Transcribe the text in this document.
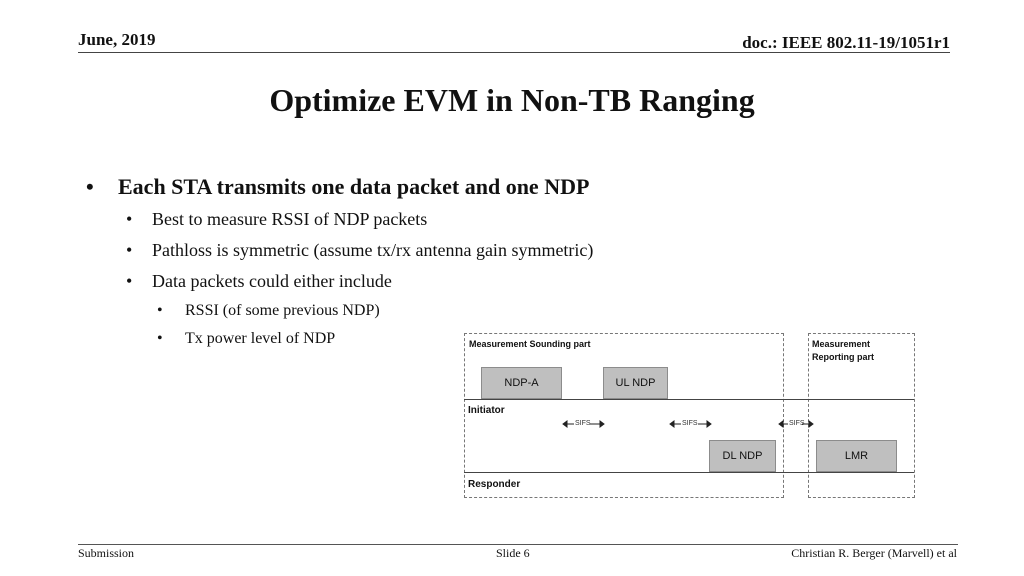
June, 2019	doc.: IEEE 802.11-19/1051r1
Optimize EVM in Non-TB Ranging
• Each STA transmits one data packet and one NDP
• Best to measure RSSI of NDP packets
• Pathloss is symmetric (assume tx/rx antenna gain symmetric)
• Data packets could either include
• RSSI (of some previous NDP)
• Tx power level of NDP	Measurement Sounding part	Measurement
Reporting part
NDP-A	UL NDP
Initiator
SIFS	SIFS	SIFS
DL NDP	LMR
Responder
Submission	Slide 6	Christian R. Berger (Marvell) et al
